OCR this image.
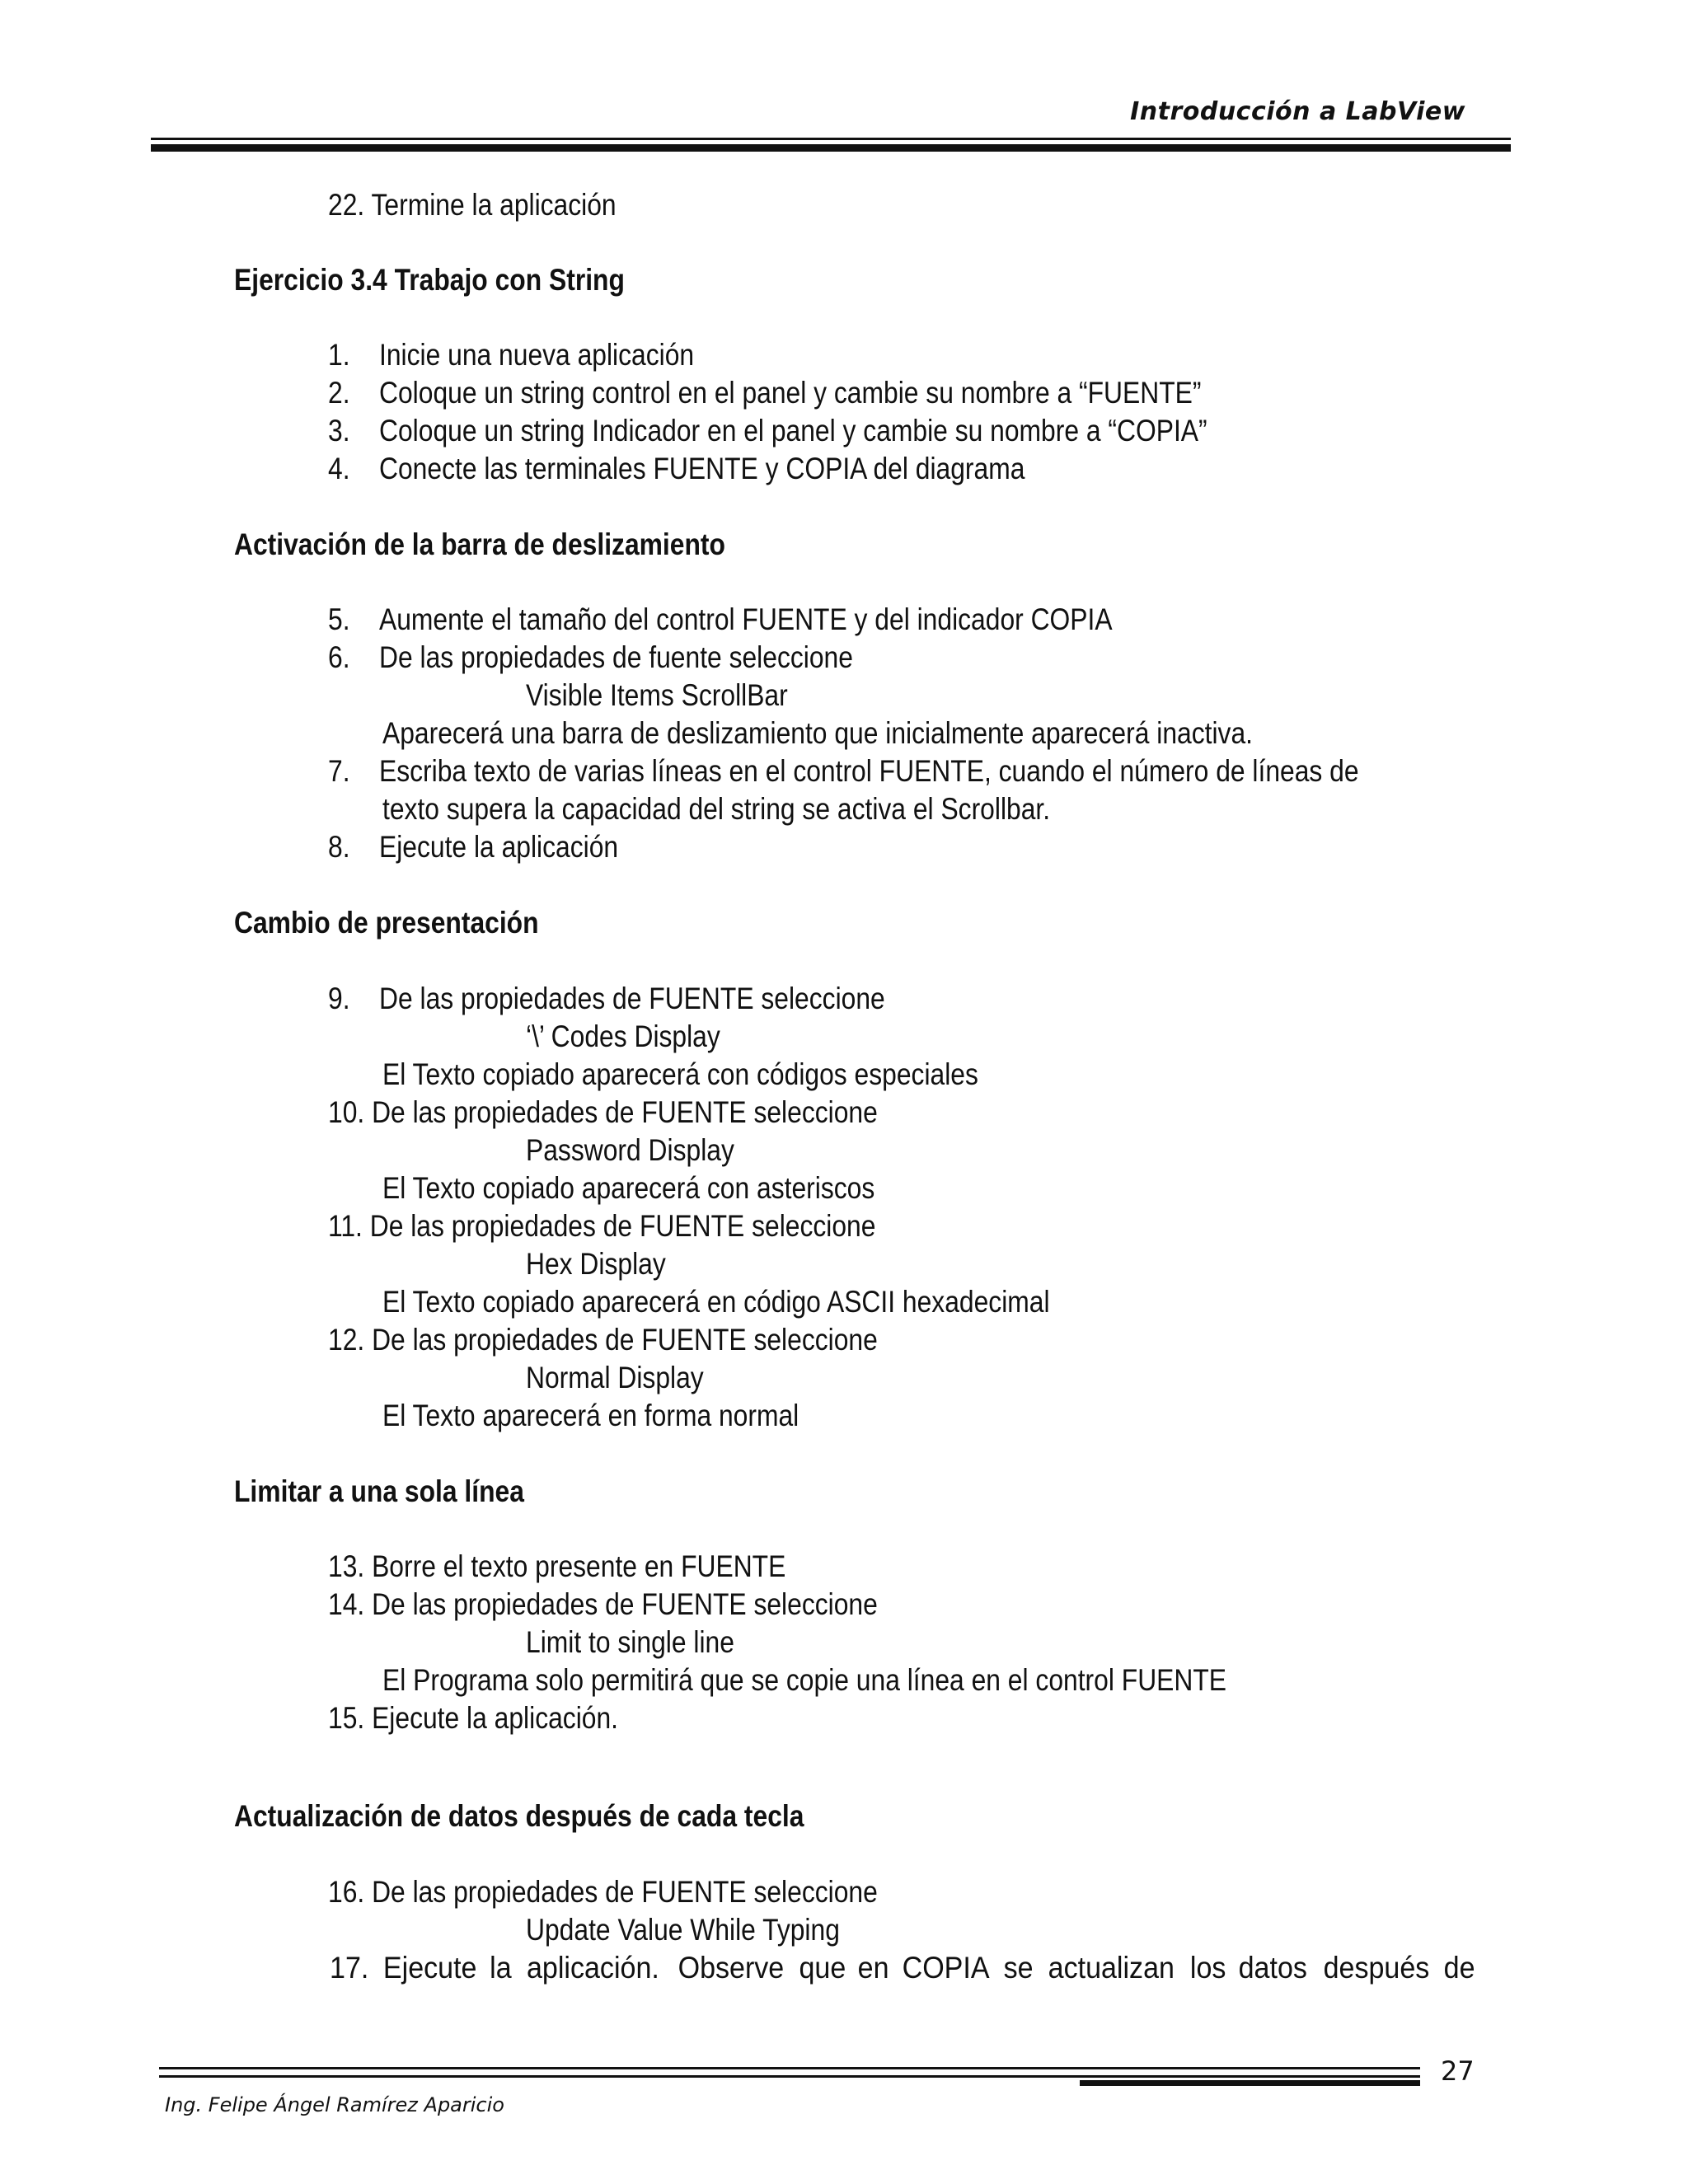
Introducción a LabView
22. Termine la aplicación
Ejercicio 3.4 Trabajo con String
1. Inicie una nueva aplicación
2. Coloque un string control en el panel y cambie su nombre a “FUENTE”
3. Coloque un string Indicador en el panel y cambie su nombre a “COPIA”
4. Conecte las terminales FUENTE y COPIA del diagrama
Activación de la barra de deslizamiento
5. Aumente el tamaño del control FUENTE y del indicador COPIA
6. De las propiedades de fuente seleccione
Visible Items ScrollBar
Aparecerá una barra de deslizamiento que inicialmente aparecerá inactiva.
7. Escriba texto de varias líneas en el control FUENTE, cuando el número de líneas de
texto supera la capacidad del string se activa el Scrollbar.
8. Ejecute la aplicación
Cambio de presentación
9. De las propiedades de FUENTE seleccione
‘\’ Codes Display
El Texto copiado aparecerá con códigos especiales
10. De las propiedades de FUENTE seleccione
Password Display
El Texto copiado aparecerá con asteriscos
11. De las propiedades de FUENTE seleccione
Hex Display
El Texto copiado aparecerá en código ASCII hexadecimal
12. De las propiedades de FUENTE seleccione
Normal Display
El Texto aparecerá en forma normal
Limitar a una sola línea
13. Borre el texto presente en FUENTE
14. De las propiedades de FUENTE seleccione
Limit to single line
El Programa solo permitirá que se copie una línea en el control FUENTE
15. Ejecute la aplicación.
Actualización de datos después de cada tecla
16. De las propiedades de FUENTE seleccione
Update Value While Typing
17. Ejecute la aplicación. Observe que en COPIA se actualizan los datos después de
27
Ing. Felipe Ángel Ramírez Aparicio
